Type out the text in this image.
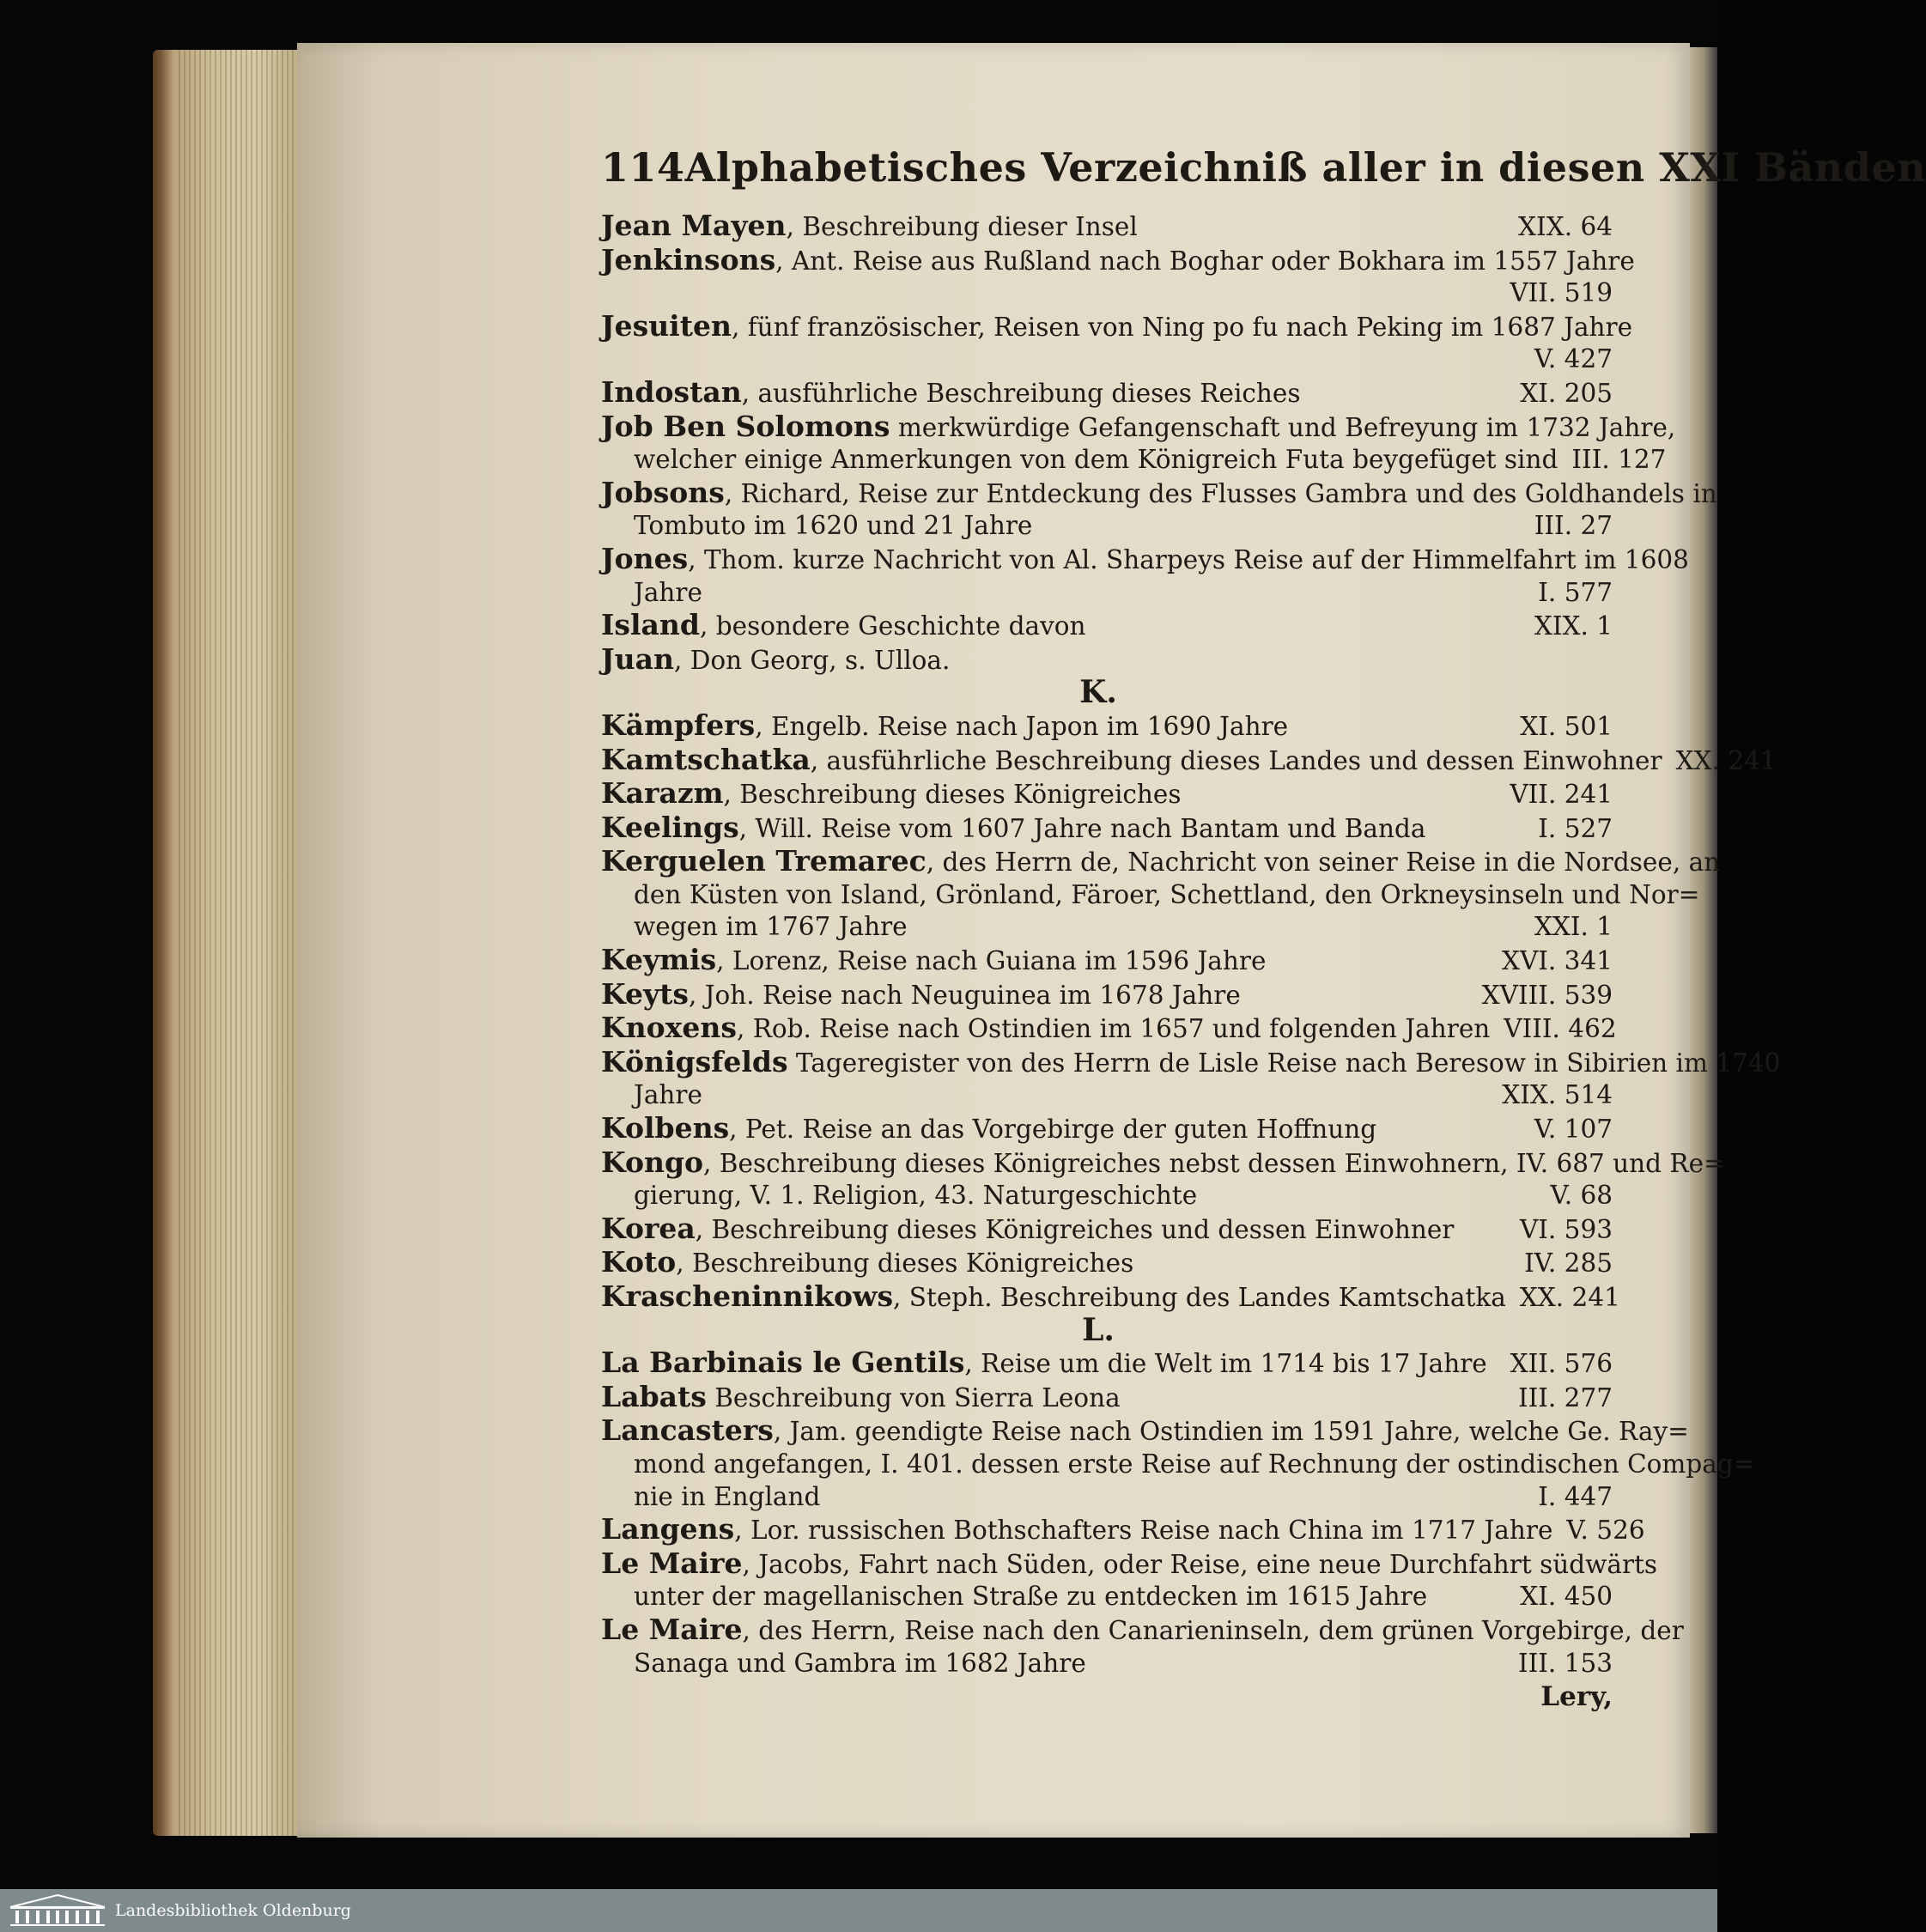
114 Alphabetisches Verzeichniß aller in diesen XXI Bänden
Jean Mayen, Beschreibung dieser Insel	XIX. 64
Jenkinsons, Ant. Reise aus Rußland nach Boghar oder Bokhara im 1557 Jahre
VII. 519
Jesuiten, fünf französischer, Reisen von Ning po fu nach Peking im 1687 Jahre
V. 427
Indostan, ausführliche Beschreibung dieses Reiches	XI. 205
Job Ben Solomons merkwürdige Gefangenschaft und Befreyung im 1732 Jahre,
welcher einige Anmerkungen von dem Königreich Futa beygefüget sind III. 127
Jobsons, Richard, Reise zur Entdeckung des Flusses Gambra und des Goldhandels in
Tombuto im 1620 und 21 Jahre	III. 27
Jones, Thom. kurze Nachricht von Al. Sharpeys Reise auf der Himmelfahrt im 1608
Jahre	I. 577
Island, besondere Geschichte davon	XIX. 1
Juan, Don Georg, s. Ulloa.
K.
Kämpfers, Engelb. Reise nach Japon im 1690 Jahre	XI. 501
Kamtschatka, ausführliche Beschreibung dieses Landes und dessen Einwohner XX. 241
Karazm, Beschreibung dieses Königreiches	VII. 241
Keelings, Will. Reise vom 1607 Jahre nach Bantam und Banda	I. 527
Kerguelen Tremarec, des Herrn de, Nachricht von seiner Reise in die Nordsee, an
den Küsten von Island, Grönland, Färoer, Schettland, den Orkneysinseln und Nor=
wegen im 1767 Jahre	XXI. 1
Keymis, Lorenz, Reise nach Guiana im 1596 Jahre	XVI. 341
Keyts, Joh. Reise nach Neuguinea im 1678 Jahre	XVIII. 539
Knoxens, Rob. Reise nach Ostindien im 1657 und folgenden Jahren VIII. 462
Königsfelds Tageregister von des Herrn de Lisle Reise nach Beresow in Sibirien im 1740
Jahre	XIX. 514
Kolbens, Pet. Reise an das Vorgebirge der guten Hoffnung	V. 107
Kongo, Beschreibung dieses Königreiches nebst dessen Einwohnern, IV. 687 und Re=
gierung, V. 1. Religion, 43. Naturgeschichte	V. 68
Korea, Beschreibung dieses Königreiches und dessen Einwohner	VI. 593
Koto, Beschreibung dieses Königreiches	IV. 285
Krascheninnikows, Steph. Beschreibung des Landes Kamtschatka XX. 241
L.
La Barbinais le Gentils, Reise um die Welt im 1714 bis 17 Jahre XII. 576
Labats Beschreibung von Sierra Leona	III. 277
Lancasters, Jam. geendigte Reise nach Ostindien im 1591 Jahre, welche Ge. Ray=
mond angefangen, I. 401. dessen erste Reise auf Rechnung der ostindischen Compag=
nie in England	I. 447
Langens, Lor. russischen Bothschafters Reise nach China im 1717 Jahre V. 526
Le Maire, Jacobs, Fahrt nach Süden, oder Reise, eine neue Durchfahrt südwärts
unter der magellanischen Straße zu entdecken im 1615 Jahre	XI. 450
Le Maire, des Herrn, Reise nach den Canarieninseln, dem grünen Vorgebirge, der
Sanaga und Gambra im 1682 Jahre	III. 153
Lery,
Landesbibliothek Oldenburg
